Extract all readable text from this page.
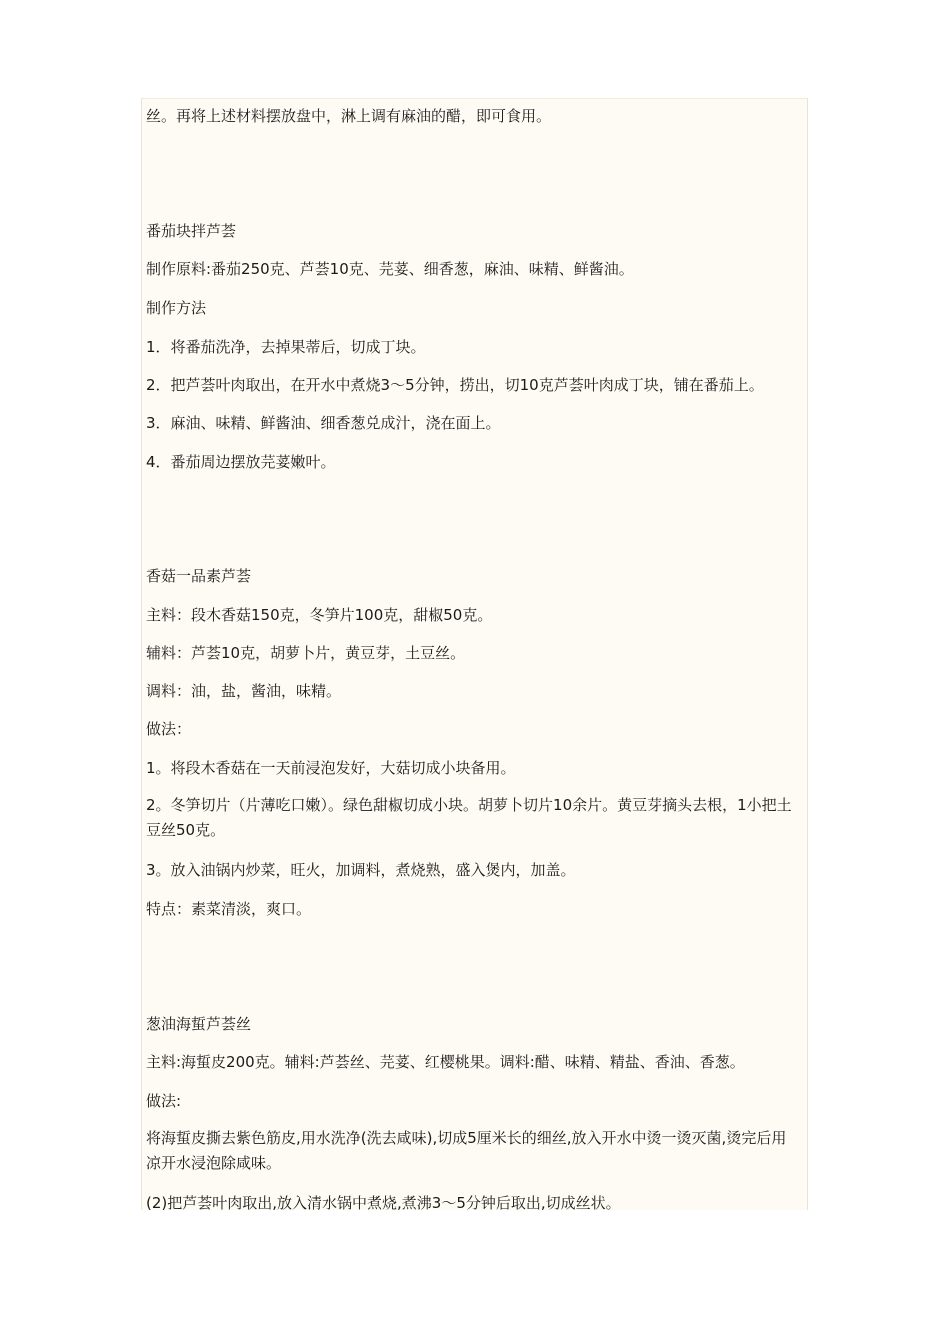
丝。再将上述材料摆放盘中，淋上调有麻油的醋，即可食用。
番茄块拌芦荟
制作原料:番茄250克、芦荟10克、芫荽、细香葱，麻油、味精、鲜酱油。
制作方法
1．将番茄洗净，去掉果蒂后，切成丁块。
2．把芦荟叶肉取出，在开水中煮烧3～5分钟，捞出，切10克芦荟叶肉成丁块，铺在番茄上。
3．麻油、味精、鲜酱油、细香葱兑成汁，浇在面上。
4．番茄周边摆放芫荽嫩叶。
香菇一品素芦荟
主料：段木香菇150克，冬笋片100克，甜椒50克。
辅料：芦荟10克，胡萝卜片，黄豆芽，土豆丝。
调料：油，盐，酱油，味精。
做法：
1。将段木香菇在一天前浸泡发好，大菇切成小块备用。
2。冬笋切片（片薄吃口嫩）。绿色甜椒切成小块。胡萝卜切片10余片。黄豆芽摘头去根，1小把土豆丝50克。
3。放入油锅内炒菜，旺火，加调料，煮烧熟，盛入煲内，加盖。
特点：素菜清淡，爽口。
葱油海蜇芦荟丝
主料:海蜇皮200克。辅料:芦荟丝、芫荽、红樱桃果。调料:醋、味精、精盐、香油、香葱。
做法:
将海蜇皮撕去紫色筋皮,用水洗净(洗去咸味),切成5厘米长的细丝,放入开水中烫一烫灭菌,烫完后用凉开水浸泡除咸味。
(2)把芦荟叶肉取出,放入清水锅中煮烧,煮沸3～5分钟后取出,切成丝状。
